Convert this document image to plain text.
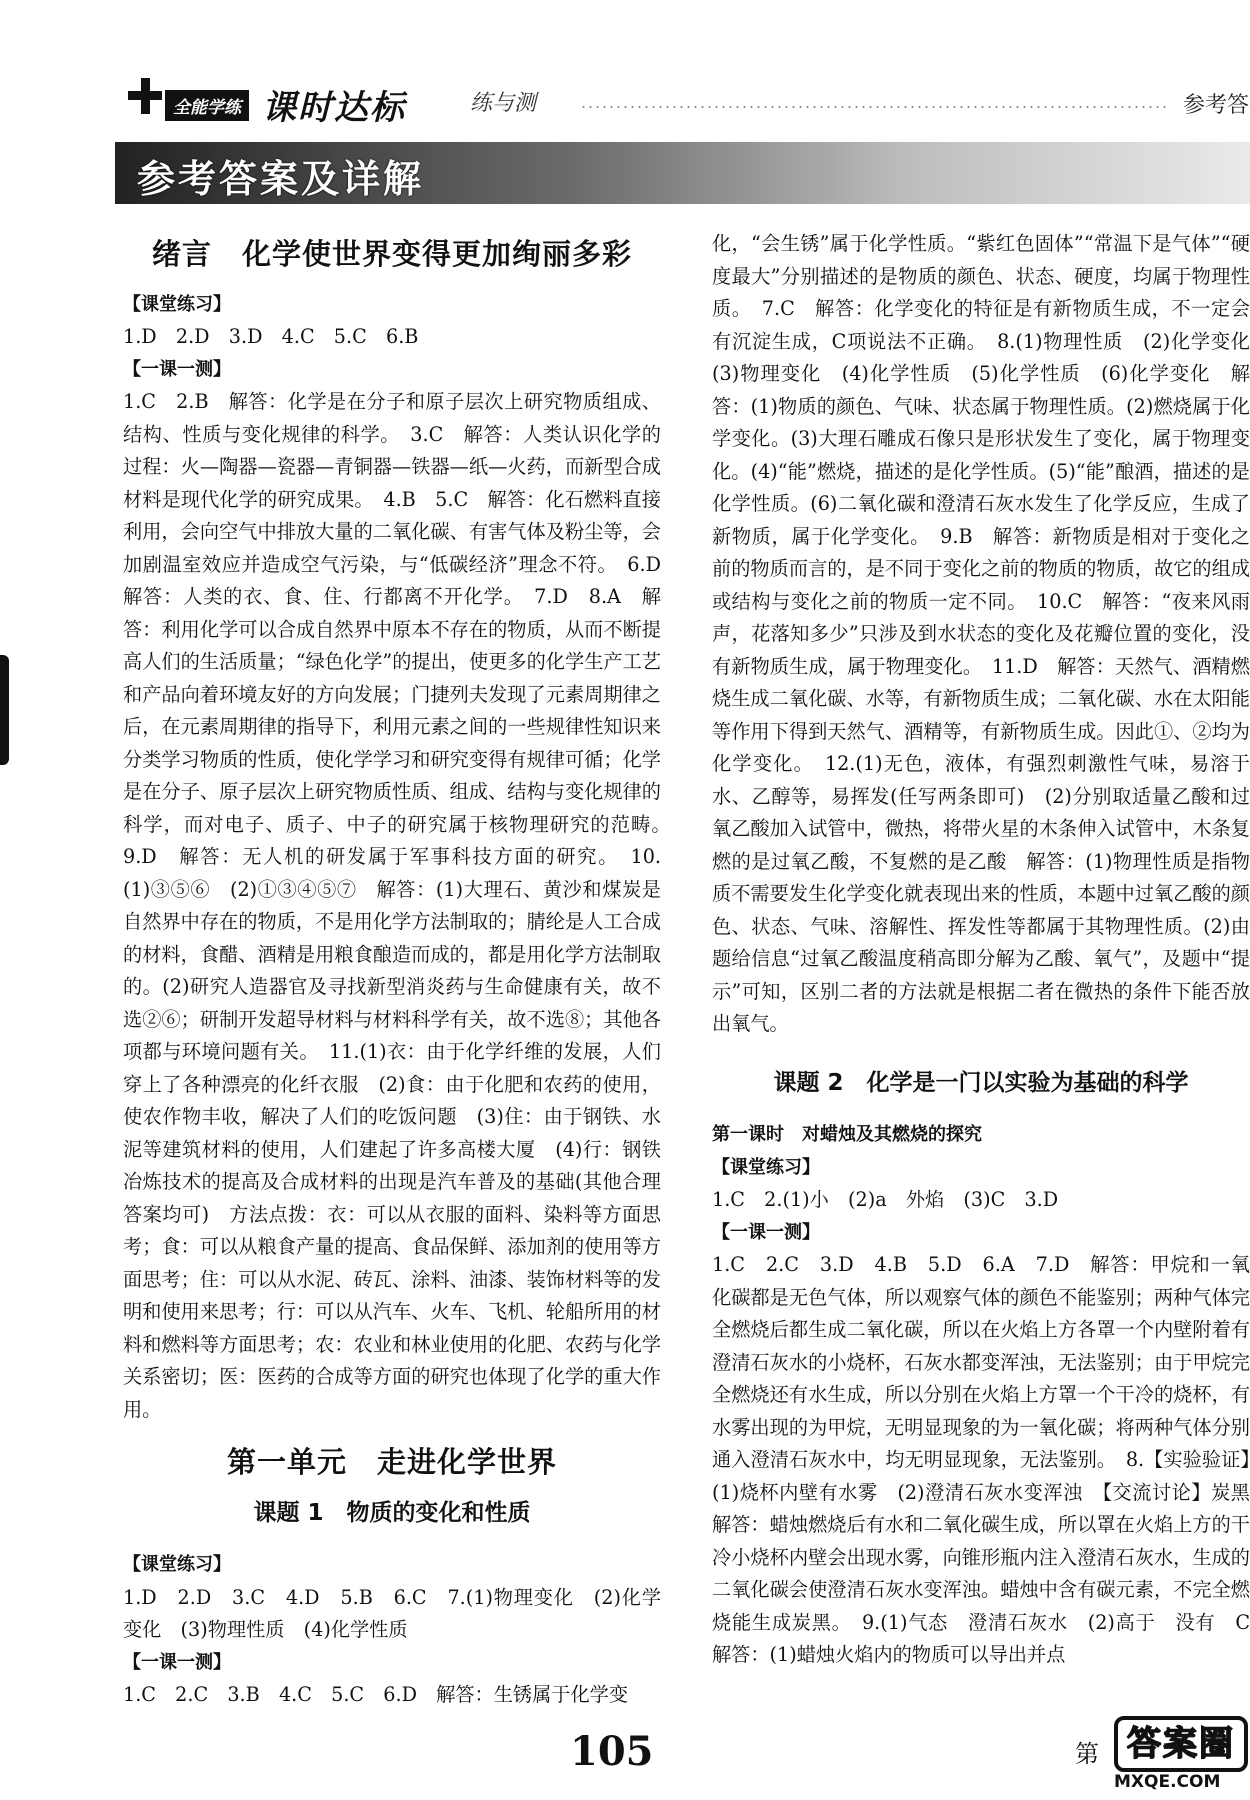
全能学练 课时达标	练与测	参考答
参考答案及详解
绪言　化学使世界变得更加绚丽多彩

【课堂练习】

1.D　2.D　3.D　4.C　5.C　6.B

【一课一测】

1.C　2.B　解答：化学是在分子和原子层次上研究物质组成、结构、性质与变化规律的科学。　3.C　解答：人类认识化学的过程：火—陶器—瓷器—青铜器—铁器—纸—火药，而新型合成材料是现代化学的研究成果。　4.B　5.C　解答：化石燃料直接利用，会向空气中排放大量的二氧化碳、有害气体及粉尘等，会加剧温室效应并造成空气污染，与“低碳经济”理念不符。　6.D　解答：人类的衣、食、住、行都离不开化学。　7.D　8.A　解答：利用化学可以合成自然界中原本不存在的物质，从而不断提高人们的生活质量；“绿色化学”的提出，使更多的化学生产工艺和产品向着环境友好的方向发展；门捷列夫发现了元素周期律之后，在元素周期律的指导下，利用元素之间的一些规律性知识来分类学习物质的性质，使化学学习和研究变得有规律可循；化学是在分子、原子层次上研究物质性质、组成、结构与变化规律的科学，而对电子、质子、中子的研究属于核物理研究的范畴。　9.D　解答：无人机的研发属于军事科技方面的研究。　10.(1)③⑤⑥　(2)①③④⑤⑦　解答：(1)大理石、黄沙和煤炭是自然界中存在的物质，不是用化学方法制取的；腈纶是人工合成的材料，食醋、酒精是用粮食酿造而成的，都是用化学方法制取的。(2)研究人造器官及寻找新型消炎药与生命健康有关，故不选②⑥；研制开发超导材料与材料科学有关，故不选⑧；其他各项都与环境问题有关。　11.(1)衣：由于化学纤维的发展，人们穿上了各种漂亮的化纤衣服　(2)食：由于化肥和农药的使用，使农作物丰收，解决了人们的吃饭问题　(3)住：由于钢铁、水泥等建筑材料的使用，人们建起了许多高楼大厦　(4)行：钢铁冶炼技术的提高及合成材料的出现是汽车普及的基础(其他合理答案均可)　方法点拨：衣：可以从衣服的面料、染料等方面思考；食：可以从粮食产量的提高、食品保鲜、添加剂的使用等方面思考；住：可以从水泥、砖瓦、涂料、油漆、装饰材料等的发明和使用来思考；行：可以从汽车、火车、飞机、轮船所用的材料和燃料等方面思考；农：农业和林业使用的化肥、农药与化学关系密切；医：医药的合成等方面的研究也体现了化学的重大作用。

第一单元　走进化学世界
课题 1　物质的变化和性质

【课堂练习】

1.D　2.D　3.C　4.D　5.B　6.C　7.(1)物理变化　(2)化学变化　(3)物理性质　(4)化学性质

【一课一测】

1.C　2.C　3.B　4.C　5.C　6.D　解答：生锈属于化学变

化，“会生锈”属于化学性质。“紫红色固体”“常温下是气体”“硬度最大”分别描述的是物质的颜色、状态、硬度，均属于物理性质。　7.C　解答：化学变化的特征是有新物质生成，不一定会有沉淀生成，C项说法不正确。　8.(1)物理性质　(2)化学变化　(3)物理变化　(4)化学性质　(5)化学性质　(6)化学变化　解答：(1)物质的颜色、气味、状态属于物理性质。(2)燃烧属于化学变化。(3)大理石雕成石像只是形状发生了变化，属于物理变化。(4)“能”燃烧，描述的是化学性质。(5)“能”酿酒，描述的是化学性质。(6)二氧化碳和澄清石灰水发生了化学反应，生成了新物质，属于化学变化。　9.B　解答：新物质是相对于变化之前的物质而言的，是不同于变化之前的物质的物质，故它的组成或结构与变化之前的物质一定不同。　10.C　解答：“夜来风雨声，花落知多少”只涉及到水状态的变化及花瓣位置的变化，没有新物质生成，属于物理变化。　11.D　解答：天然气、酒精燃烧生成二氧化碳、水等，有新物质生成；二氧化碳、水在太阳能等作用下得到天然气、酒精等，有新物质生成。因此①、②均为化学变化。　12.(1)无色，液体，有强烈刺激性气味，易溶于水、乙醇等，易挥发(任写两条即可)　(2)分别取适量乙酸和过氧乙酸加入试管中，微热，将带火星的木条伸入试管中，木条复燃的是过氧乙酸，不复燃的是乙酸　解答：(1)物理性质是指物质不需要发生化学变化就表现出来的性质，本题中过氧乙酸的颜色、状态、气味、溶解性、挥发性等都属于其物理性质。(2)由题给信息“过氧乙酸温度稍高即分解为乙酸、氧气”，及题中“提示”可知，区别二者的方法就是根据二者在微热的条件下能否放出氧气。

课题 2　化学是一门以实验为基础的科学

第一课时　对蜡烛及其燃烧的探究

【课堂练习】

1.C　2.(1)小　(2)a　外焰　(3)C　3.D

【一课一测】

1.C　2.C　3.D　4.B　5.D　6.A　7.D　解答：甲烷和一氧化碳都是无色气体，所以观察气体的颜色不能鉴别；两种气体完全燃烧后都生成二氧化碳，所以在火焰上方各罩一个内壁附着有澄清石灰水的小烧杯，石灰水都变浑浊，无法鉴别；由于甲烷完全燃烧还有水生成，所以分别在火焰上方罩一个干冷的烧杯，有水雾出现的为甲烷，无明显现象的为一氧化碳；将两种气体分别通入澄清石灰水中，均无明显现象，无法鉴别。　8.【实验验证】(1)烧杯内壁有水雾　(2)澄清石灰水变浑浊　【交流讨论】炭黑　解答：蜡烛燃烧后有水和二氧化碳生成，所以罩在火焰上方的干冷小烧杯内壁会出现水雾，向锥形瓶内注入澄清石灰水，生成的二氧化碳会使澄清石灰水变浑浊。蜡烛中含有碳元素，不完全燃烧能生成炭黑。　9.(1)气态　澄清石灰水　(2)高于　没有　C　解答：(1)蜡烛火焰内的物质可以导出并点

105	第 答案圈
MXQE.COM
